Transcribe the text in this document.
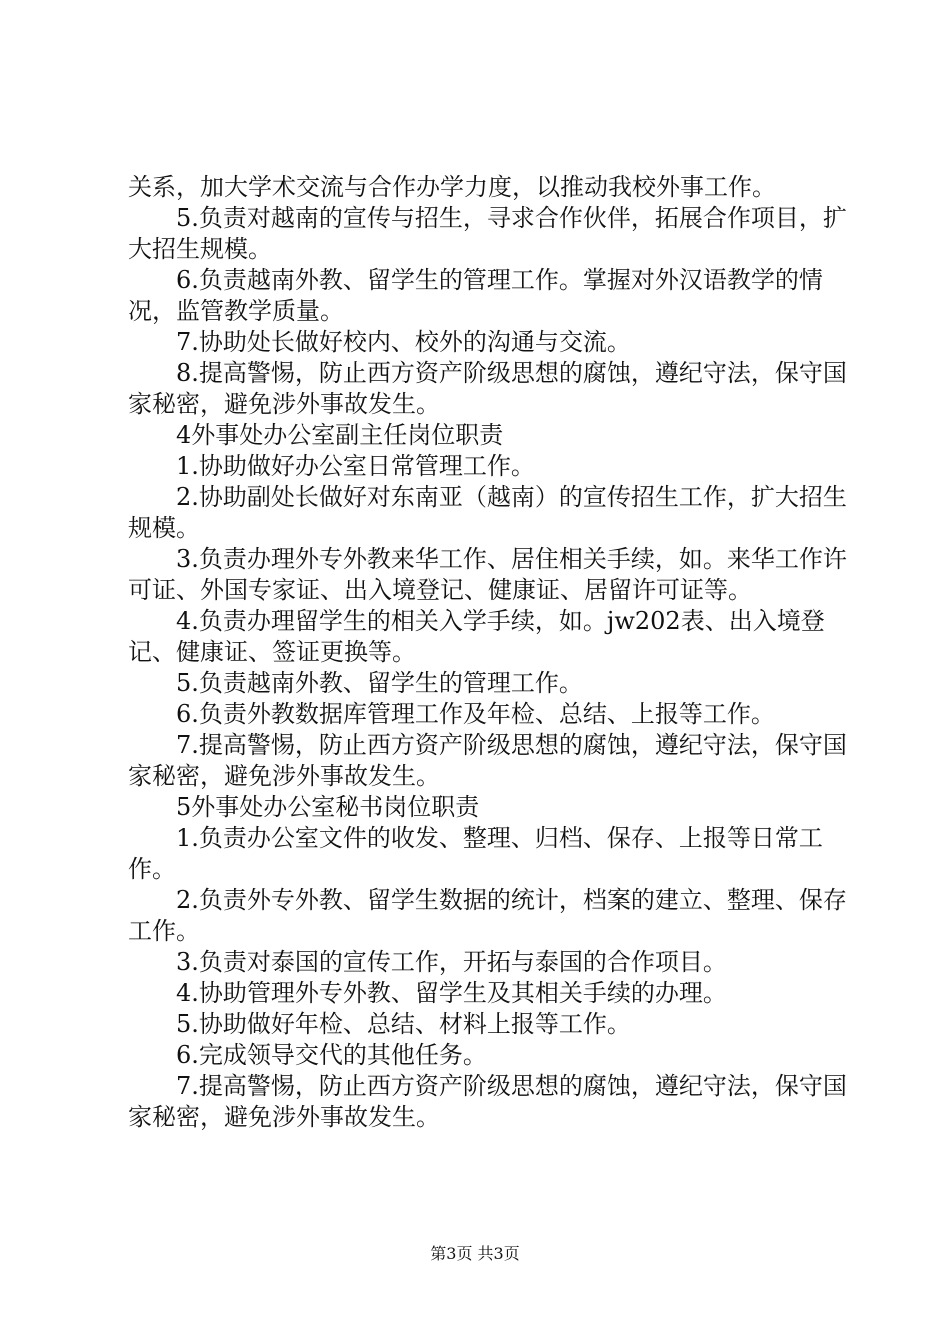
关系，加大学术交流与合作办学力度，以推动我校外事工作。

5.负责对越南的宣传与招生，寻求合作伙伴，拓展合作项目，扩大招生规模。

6.负责越南外教、留学生的管理工作。掌握对外汉语教学的情况，监管教学质量。

7.协助处长做好校内、校外的沟通与交流。

8.提高警惕，防止西方资产阶级思想的腐蚀，遵纪守法，保守国家秘密，避免涉外事故发生。

4外事处办公室副主任岗位职责

1.协助做好办公室日常管理工作。

2.协助副处长做好对东南亚（越南）的宣传招生工作，扩大招生规模。

3.负责办理外专外教来华工作、居住相关手续，如。来华工作许可证、外国专家证、出入境登记、健康证、居留许可证等。

4.负责办理留学生的相关入学手续，如。jw202表、出入境登记、健康证、签证更换等。

5.负责越南外教、留学生的管理工作。

6.负责外教数据库管理工作及年检、总结、上报等工作。

7.提高警惕，防止西方资产阶级思想的腐蚀，遵纪守法，保守国家秘密，避免涉外事故发生。

5外事处办公室秘书岗位职责

1.负责办公室文件的收发、整理、归档、保存、上报等日常工作。

2.负责外专外教、留学生数据的统计，档案的建立、整理、保存工作。

3.负责对泰国的宣传工作，开拓与泰国的合作项目。

4.协助管理外专外教、留学生及其相关手续的办理。

5.协助做好年检、总结、材料上报等工作。

6.完成领导交代的其他任务。

7.提高警惕，防止西方资产阶级思想的腐蚀，遵纪守法，保守国家秘密，避免涉外事故发生。

第3页 共3页
